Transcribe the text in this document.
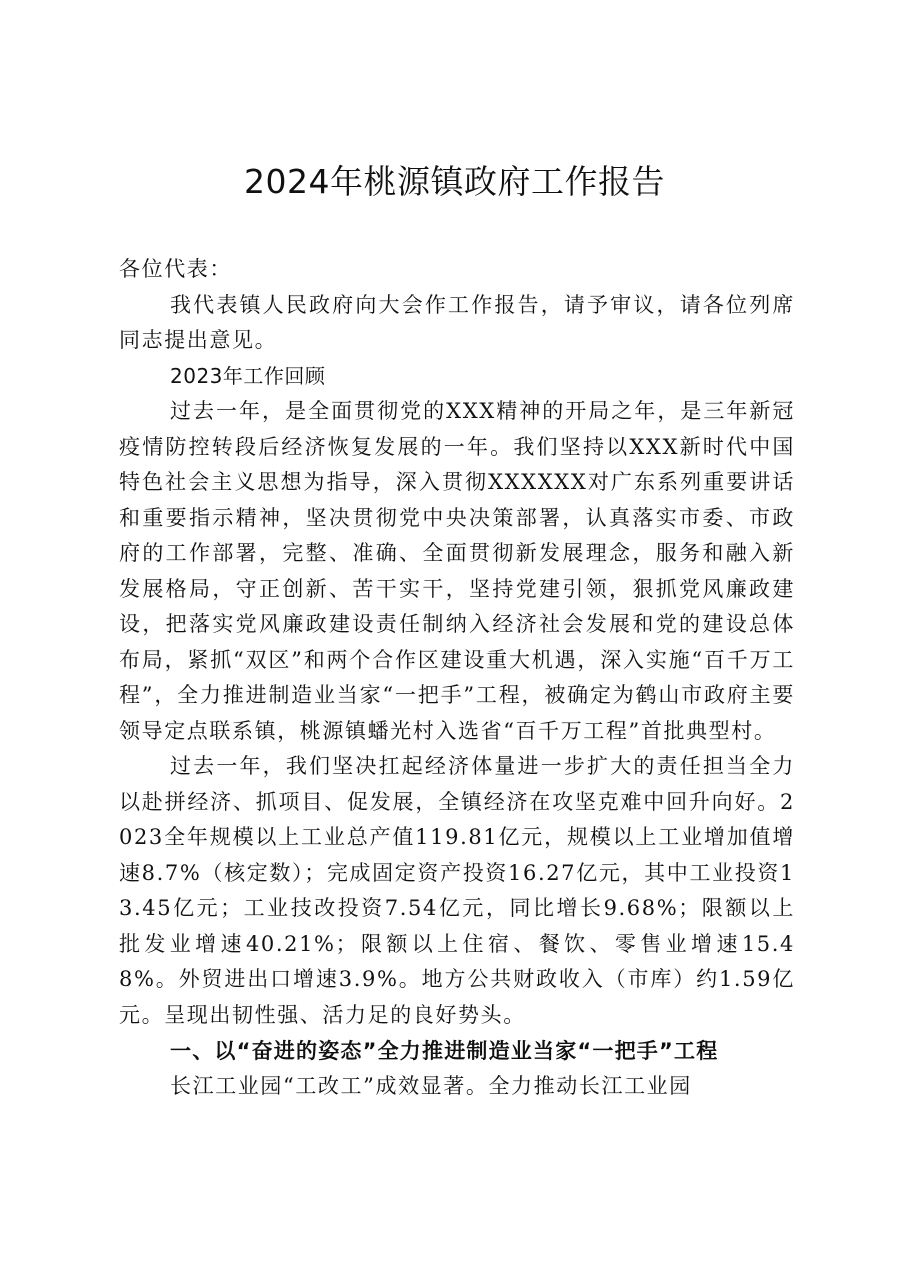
2024年桃源镇政府工作报告

各位代表：

我代表镇人民政府向大会作工作报告，请予审议，请各位列席同志提出意见。

2023年工作回顾

过去一年，是全面贯彻党的XXX精神的开局之年，是三年新冠疫情防控转段后经济恢复发展的一年。我们坚持以XXX新时代中国特色社会主义思想为指导，深入贯彻XXXXXX对广东系列重要讲话和重要指示精神，坚决贯彻党中央决策部署，认真落实市委、市政府的工作部署，完整、准确、全面贯彻新发展理念，服务和融入新发展格局，守正创新、苦干实干，坚持党建引领，狠抓党风廉政建设，把落实党风廉政建设责任制纳入经济社会发展和党的建设总体布局，紧抓“双区”和两个合作区建设重大机遇，深入实施“百千万工程”，全力推进制造业当家“一把手”工程，被确定为鹤山市政府主要领导定点联系镇，桃源镇蟠光村入选省“百千万工程”首批典型村。

过去一年，我们坚决扛起经济体量进一步扩大的责任担当全力以赴拼经济、抓项目、促发展，全镇经济在攻坚克难中回升向好。2023全年规模以上工业总产值119.81亿元，规模以上工业增加值增速8.7%（核定数）；完成固定资产投资16.27亿元，其中工业投资13.45亿元；工业技改投资7.54亿元，同比增长9.68%；限额以上批发业增速40.21%；限额以上住宿、餐饮、零售业增速15.48%。外贸进出口增速3.9%。地方公共财政收入（市库）约1.59亿元。呈现出韧性强、活力足的良好势头。

一、以“奋进的姿态”全力推进制造业当家“一把手”工程

长江工业园“工改工”成效显著。全力推动长江工业园
